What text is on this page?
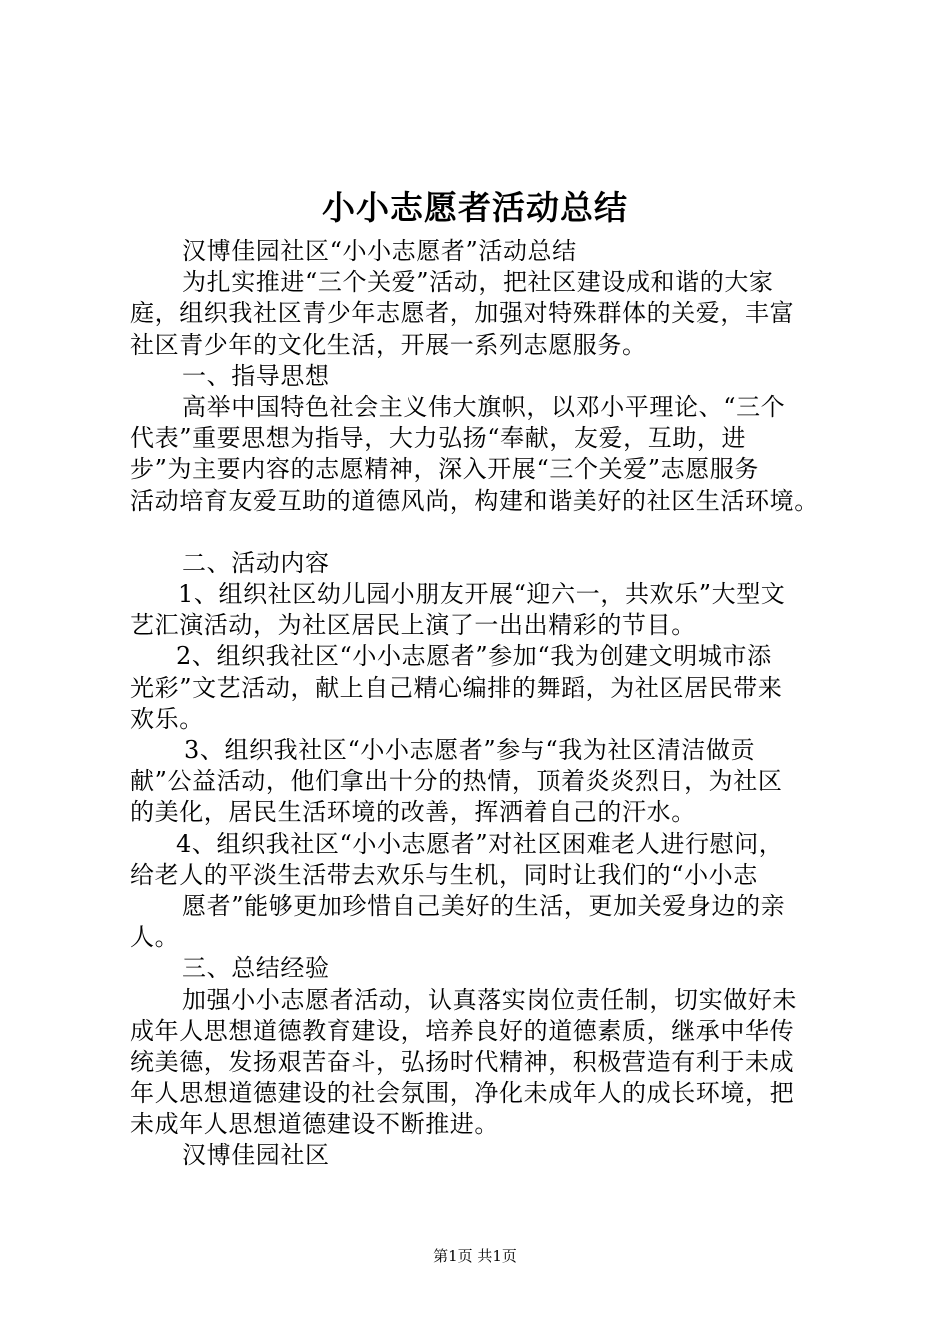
小小志愿者活动总结
汉博佳园社区“小小志愿者”活动总结
为扎实推进“三个关爱”活动，把社区建设成和谐的大家
庭，组织我社区青少年志愿者，加强对特殊群体的关爱，丰富
社区青少年的文化生活，开展一系列志愿服务。
一、指导思想
高举中国特色社会主义伟大旗帜，以邓小平理论、“三个
代表”重要思想为指导，大力弘扬“奉献，友爱，互助，进
步”为主要内容的志愿精神，深入开展“三个关爱”志愿服务
活动培育友爱互助的道德风尚，构建和谐美好的社区生活环境。
二、活动内容
1、组织社区幼儿园小朋友开展“迎六一，共欢乐”大型文
艺汇演活动，为社区居民上演了一出出精彩的节目。
2、组织我社区“小小志愿者”参加“我为创建文明城市添
光彩”文艺活动，献上自己精心编排的舞蹈，为社区居民带来
欢乐。
3、组织我社区“小小志愿者”参与“我为社区清洁做贡
献”公益活动，他们拿出十分的热情，顶着炎炎烈日，为社区
的美化，居民生活环境的改善，挥洒着自己的汗水。
4、组织我社区“小小志愿者”对社区困难老人进行慰问，
给老人的平淡生活带去欢乐与生机，同时让我们的“小小志
愿者”能够更加珍惜自己美好的生活，更加关爱身边的亲
人。
三、总结经验
加强小小志愿者活动，认真落实岗位责任制，切实做好未
成年人思想道德教育建设，培养良好的道德素质，继承中华传
统美德，发扬艰苦奋斗，弘扬时代精神，积极营造有利于未成
年人思想道德建设的社会氛围，净化未成年人的成长环境，把
未成年人思想道德建设不断推进。
汉博佳园社区
第1页 共1页
